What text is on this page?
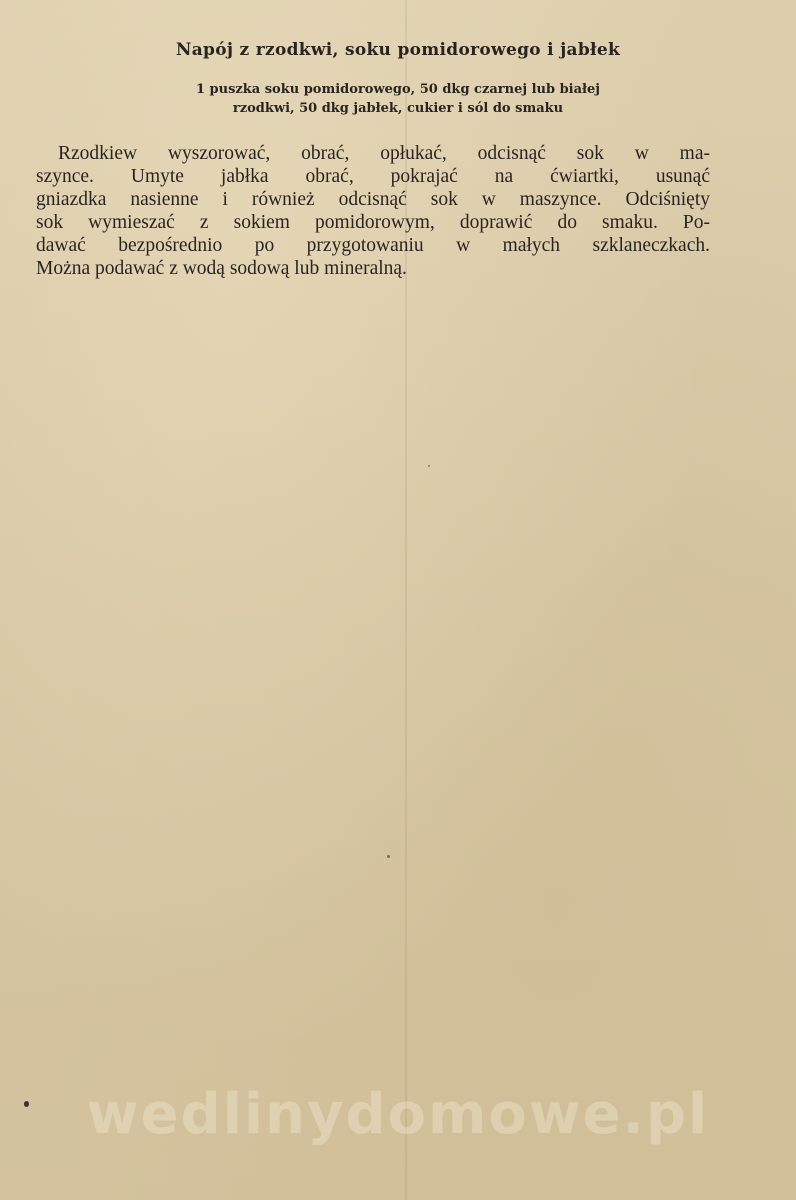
Napój z rzodkwi, soku pomidorowego i jabłek

1 puszka soku pomidorowego, 50 dkg czarnej lub białej
rzodkwi, 50 dkg jabłek, cukier i sól do smaku

Rzodkiew wyszorować, obrać, opłukać, odcisnąć sok w ma-
szynce. Umyte jabłka obrać, pokrajać na ćwiartki, usunąć
gniazdka nasienne i również odcisnąć sok w maszynce. Odciśnięty
sok wymieszać z sokiem pomidorowym, doprawić do smaku. Po-
dawać bezpośrednio po przygotowaniu w małych szklaneczkach.
Można podawać z wodą sodową lub mineralną.

wedlinydomowe.pl
